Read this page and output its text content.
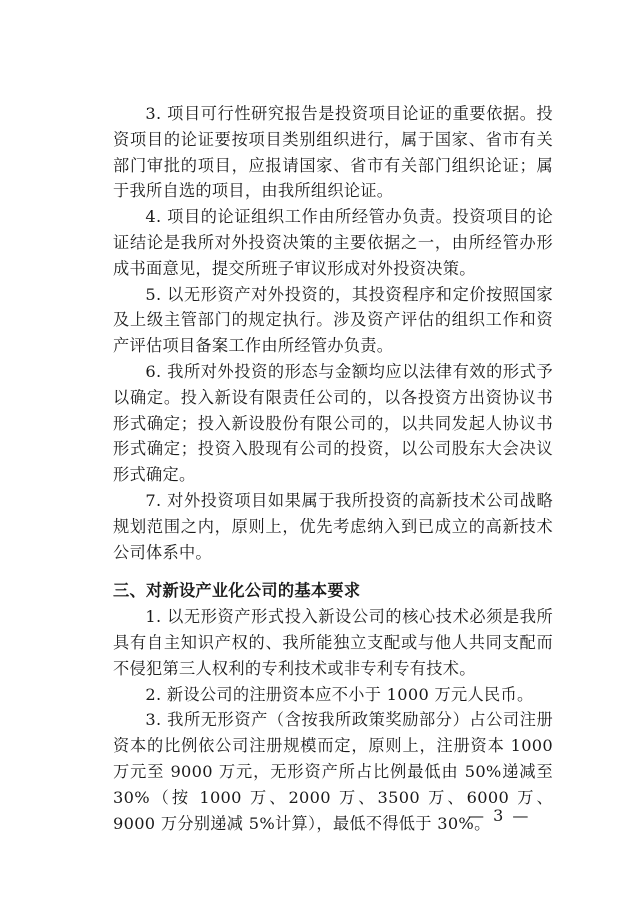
3. 项目可行性研究报告是投资项目论证的重要依据。投资项目的论证要按项目类别组织进行，属于国家、省市有关部门审批的项目，应报请国家、省市有关部门组织论证；属于我所自选的项目，由我所组织论证。

4. 项目的论证组织工作由所经管办负责。投资项目的论证结论是我所对外投资决策的主要依据之一，由所经管办形成书面意见，提交所班子审议形成对外投资决策。

5. 以无形资产对外投资的，其投资程序和定价按照国家及上级主管部门的规定执行。涉及资产评估的组织工作和资产评估项目备案工作由所经管办负责。

6. 我所对外投资的形态与金额均应以法律有效的形式予以确定。投入新设有限责任公司的，以各投资方出资协议书形式确定；投入新设股份有限公司的，以共同发起人协议书形式确定；投资入股现有公司的投资，以公司股东大会决议形式确定。

7. 对外投资项目如果属于我所投资的高新技术公司战略规划范围之内，原则上，优先考虑纳入到已成立的高新技术公司体系中。

三、对新设产业化公司的基本要求

1. 以无形资产形式投入新设公司的核心技术必须是我所具有自主知识产权的、我所能独立支配或与他人共同支配而不侵犯第三人权利的专利技术或非专利专有技术。

2. 新设公司的注册资本应不小于 1000 万元人民币。

3. 我所无形资产（含按我所政策奖励部分）占公司注册资本的比例依公司注册规模而定，原则上，注册资本 1000 万元至 9000 万元，无形资产所占比例最低由 50%递减至 30%（按 1000 万、2000 万、3500 万、6000 万、9000 万分别递减 5%计算），最低不得低于 30%。

— 3 —
